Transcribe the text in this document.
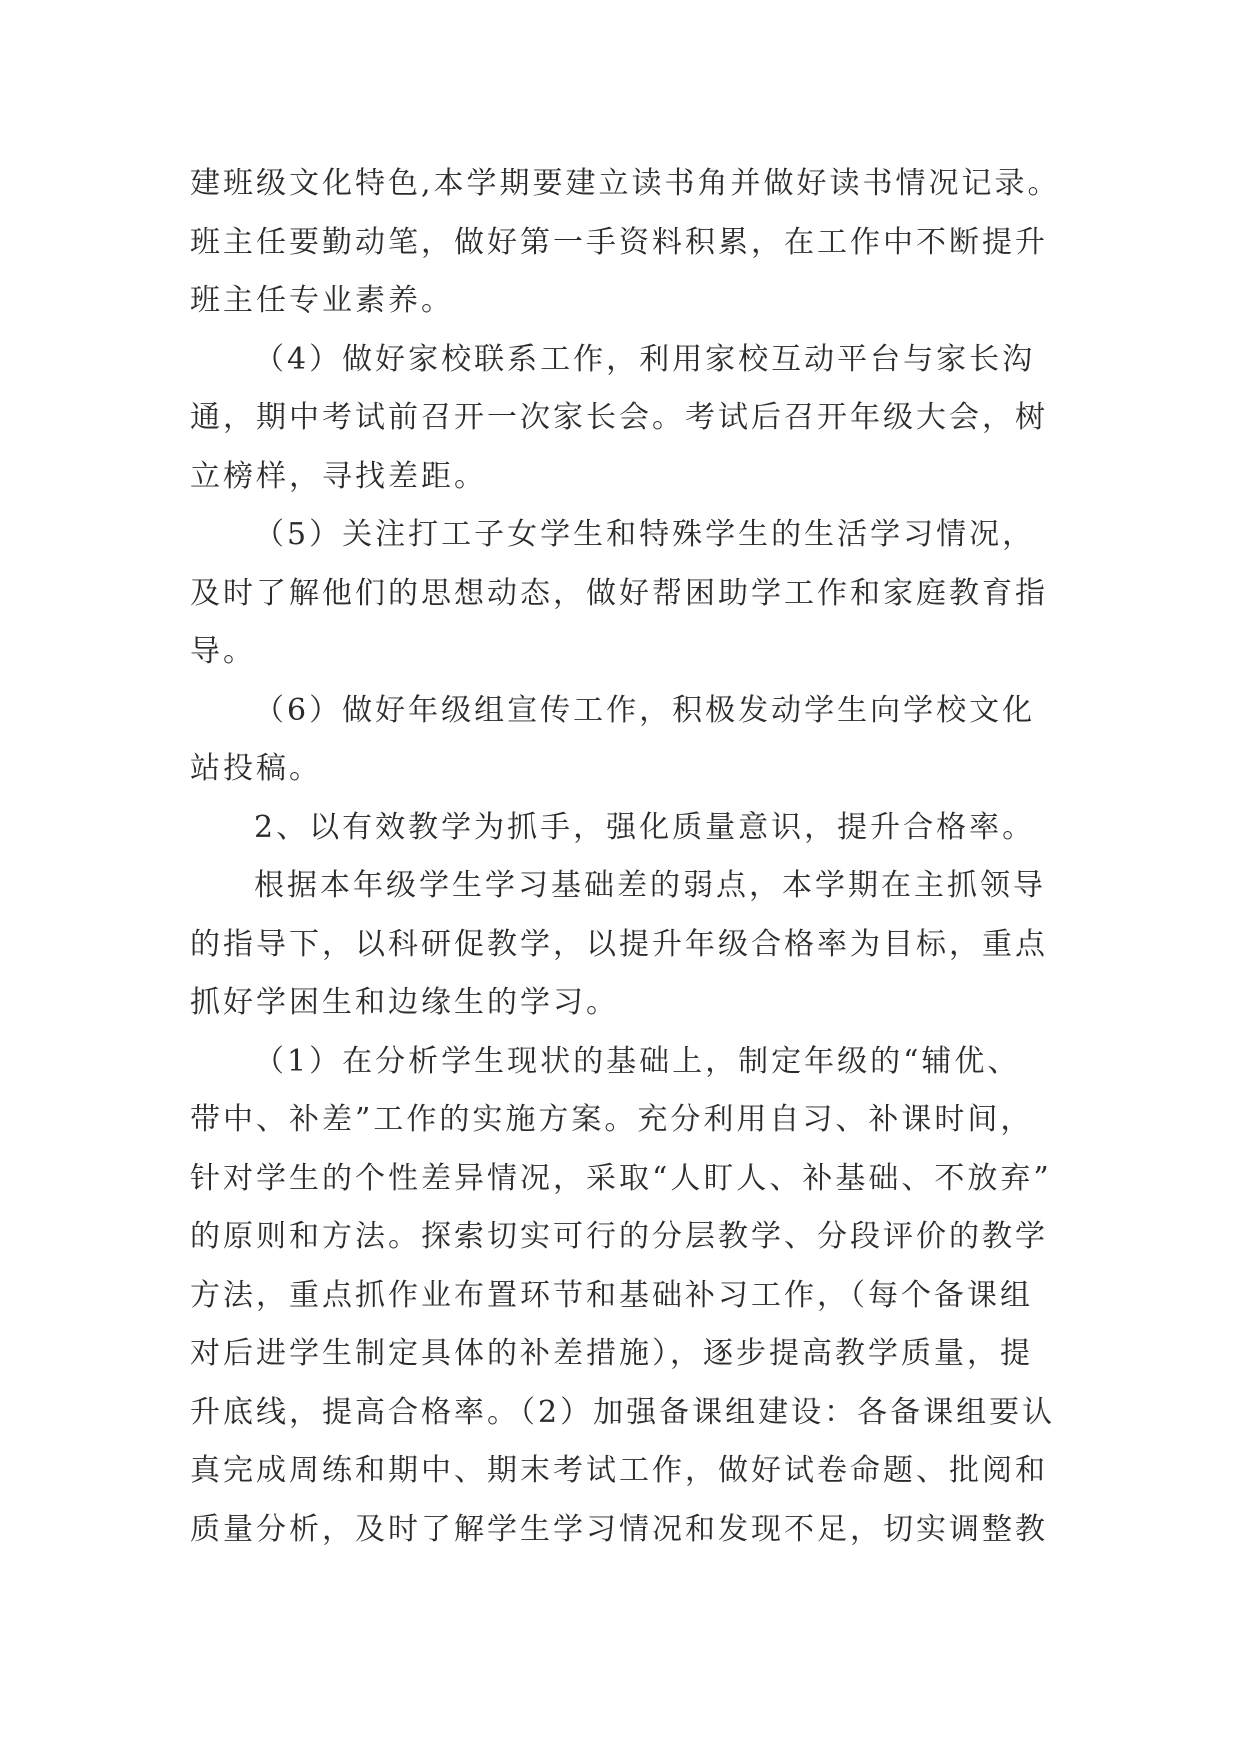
建班级文化特色,本学期要建立读书角并做好读书情况记录。
班主任要勤动笔，做好第一手资料积累，在工作中不断提升
班主任专业素养。
（4）做好家校联系工作，利用家校互动平台与家长沟
通，期中考试前召开一次家长会。考试后召开年级大会，树
立榜样，寻找差距。
（5）关注打工子女学生和特殊学生的生活学习情况，
及时了解他们的思想动态，做好帮困助学工作和家庭教育指
导。
（6）做好年级组宣传工作，积极发动学生向学校文化
站投稿。
2、以有效教学为抓手，强化质量意识，提升合格率。
根据本年级学生学习基础差的弱点，本学期在主抓领导
的指导下，以科研促教学，以提升年级合格率为目标，重点
抓好学困生和边缘生的学习。
（1）在分析学生现状的基础上，制定年级的“辅优、
带中、补差”工作的实施方案。充分利用自习、补课时间，
针对学生的个性差异情况，采取“人盯人、补基础、不放弃”
的原则和方法。探索切实可行的分层教学、分段评价的教学
方法，重点抓作业布置环节和基础补习工作，（每个备课组
对后进学生制定具体的补差措施），逐步提高教学质量，提
升底线，提高合格率。（2）加强备课组建设：各备课组要认
真完成周练和期中、期末考试工作，做好试卷命题、批阅和
质量分析，及时了解学生学习情况和发现不足，切实调整教
